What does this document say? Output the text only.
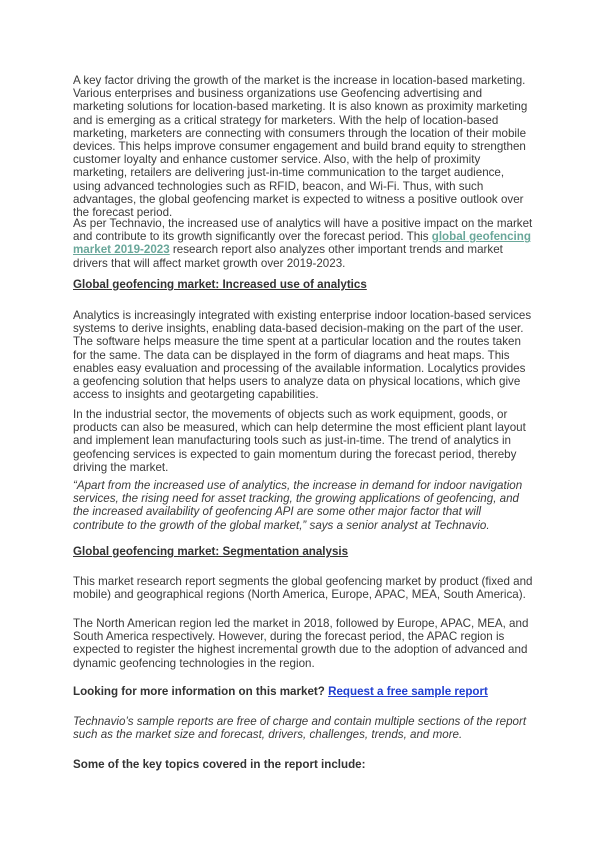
A key factor driving the growth of the market is the increase in location-based marketing. Various enterprises and business organizations use Geofencing advertising and marketing solutions for location-based marketing. It is also known as proximity marketing and is emerging as a critical strategy for marketers. With the help of location-based marketing, marketers are connecting with consumers through the location of their mobile devices. This helps improve consumer engagement and build brand equity to strengthen customer loyalty and enhance customer service. Also, with the help of proximity marketing, retailers are delivering just-in-time communication to the target audience, using advanced technologies such as RFID, beacon, and Wi-Fi. Thus, with such advantages, the global geofencing market is expected to witness a positive outlook over the forecast period.

As per Technavio, the increased use of analytics will have a positive impact on the market and contribute to its growth significantly over the forecast period. This global geofencing market 2019-2023 research report also analyzes other important trends and market drivers that will affect market growth over 2019-2023.

Global geofencing market: Increased use of analytics

Analytics is increasingly integrated with existing enterprise indoor location-based services systems to derive insights, enabling data-based decision-making on the part of the user. The software helps measure the time spent at a particular location and the routes taken for the same. The data can be displayed in the form of diagrams and heat maps. This enables easy evaluation and processing of the available information. Localytics provides a geofencing solution that helps users to analyze data on physical locations, which give access to insights and geotargeting capabilities.

In the industrial sector, the movements of objects such as work equipment, goods, or products can also be measured, which can help determine the most efficient plant layout and implement lean manufacturing tools such as just-in-time. The trend of analytics in geofencing services is expected to gain momentum during the forecast period, thereby driving the market.

“Apart from the increased use of analytics, the increase in demand for indoor navigation services, the rising need for asset tracking, the growing applications of geofencing, and the increased availability of geofencing API are some other major factor that will contribute to the growth of the global market,” says a senior analyst at Technavio.

Global geofencing market: Segmentation analysis

This market research report segments the global geofencing market by product (fixed and mobile) and geographical regions (North America, Europe, APAC, MEA, South America).

The North American region led the market in 2018, followed by Europe, APAC, MEA, and South America respectively. However, during the forecast period, the APAC region is expected to register the highest incremental growth due to the adoption of advanced and dynamic geofencing technologies in the region.

Looking for more information on this market? Request a free sample report

Technavio’s sample reports are free of charge and contain multiple sections of the report such as the market size and forecast, drivers, challenges, trends, and more.

Some of the key topics covered in the report include:
